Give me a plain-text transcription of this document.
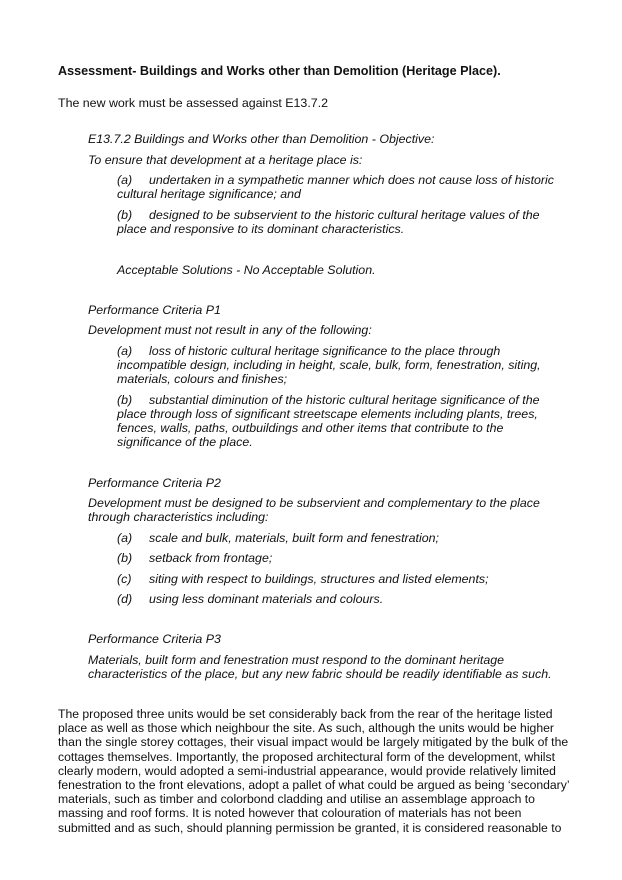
Assessment- Buildings and Works other than Demolition (Heritage Place).
The new work must be assessed against E13.7.2
E13.7.2 Buildings and Works other than Demolition - Objective:
To ensure that development at a heritage place is:
(a) undertaken in a sympathetic manner which does not cause loss of historic cultural heritage significance; and
(b) designed to be subservient to the historic cultural heritage values of the place and responsive to its dominant characteristics.
Acceptable Solutions - No Acceptable Solution.
Performance Criteria P1
Development must not result in any of the following:
(a) loss of historic cultural heritage significance to the place through incompatible design, including in height, scale, bulk, form, fenestration, siting, materials, colours and finishes;
(b) substantial diminution of the historic cultural heritage significance of the place through loss of significant streetscape elements including plants, trees, fences, walls, paths, outbuildings and other items that contribute to the significance of the place.
Performance Criteria P2
Development must be designed to be subservient and complementary to the place through characteristics including:
(a) scale and bulk, materials, built form and fenestration;
(b) setback from frontage;
(c) siting with respect to buildings, structures and listed elements;
(d) using less dominant materials and colours.
Performance Criteria P3
Materials, built form and fenestration must respond to the dominant heritage characteristics of the place, but any new fabric should be readily identifiable as such.
The proposed three units would be set considerably back from the rear of the heritage listed place as well as those which neighbour the site. As such, although the units would be higher than the single storey cottages, their visual impact would be largely mitigated by the bulk of the cottages themselves. Importantly, the proposed architectural form of the development, whilst clearly modern, would adopted a semi-industrial appearance, would provide relatively limited fenestration to the front elevations, adopt a pallet of what could be argued as being ‘secondary’ materials, such as timber and colorbond cladding and utilise an assemblage approach to massing and roof forms. It is noted however that colouration of materials has not been submitted and as such, should planning permission be granted, it is considered reasonable to
